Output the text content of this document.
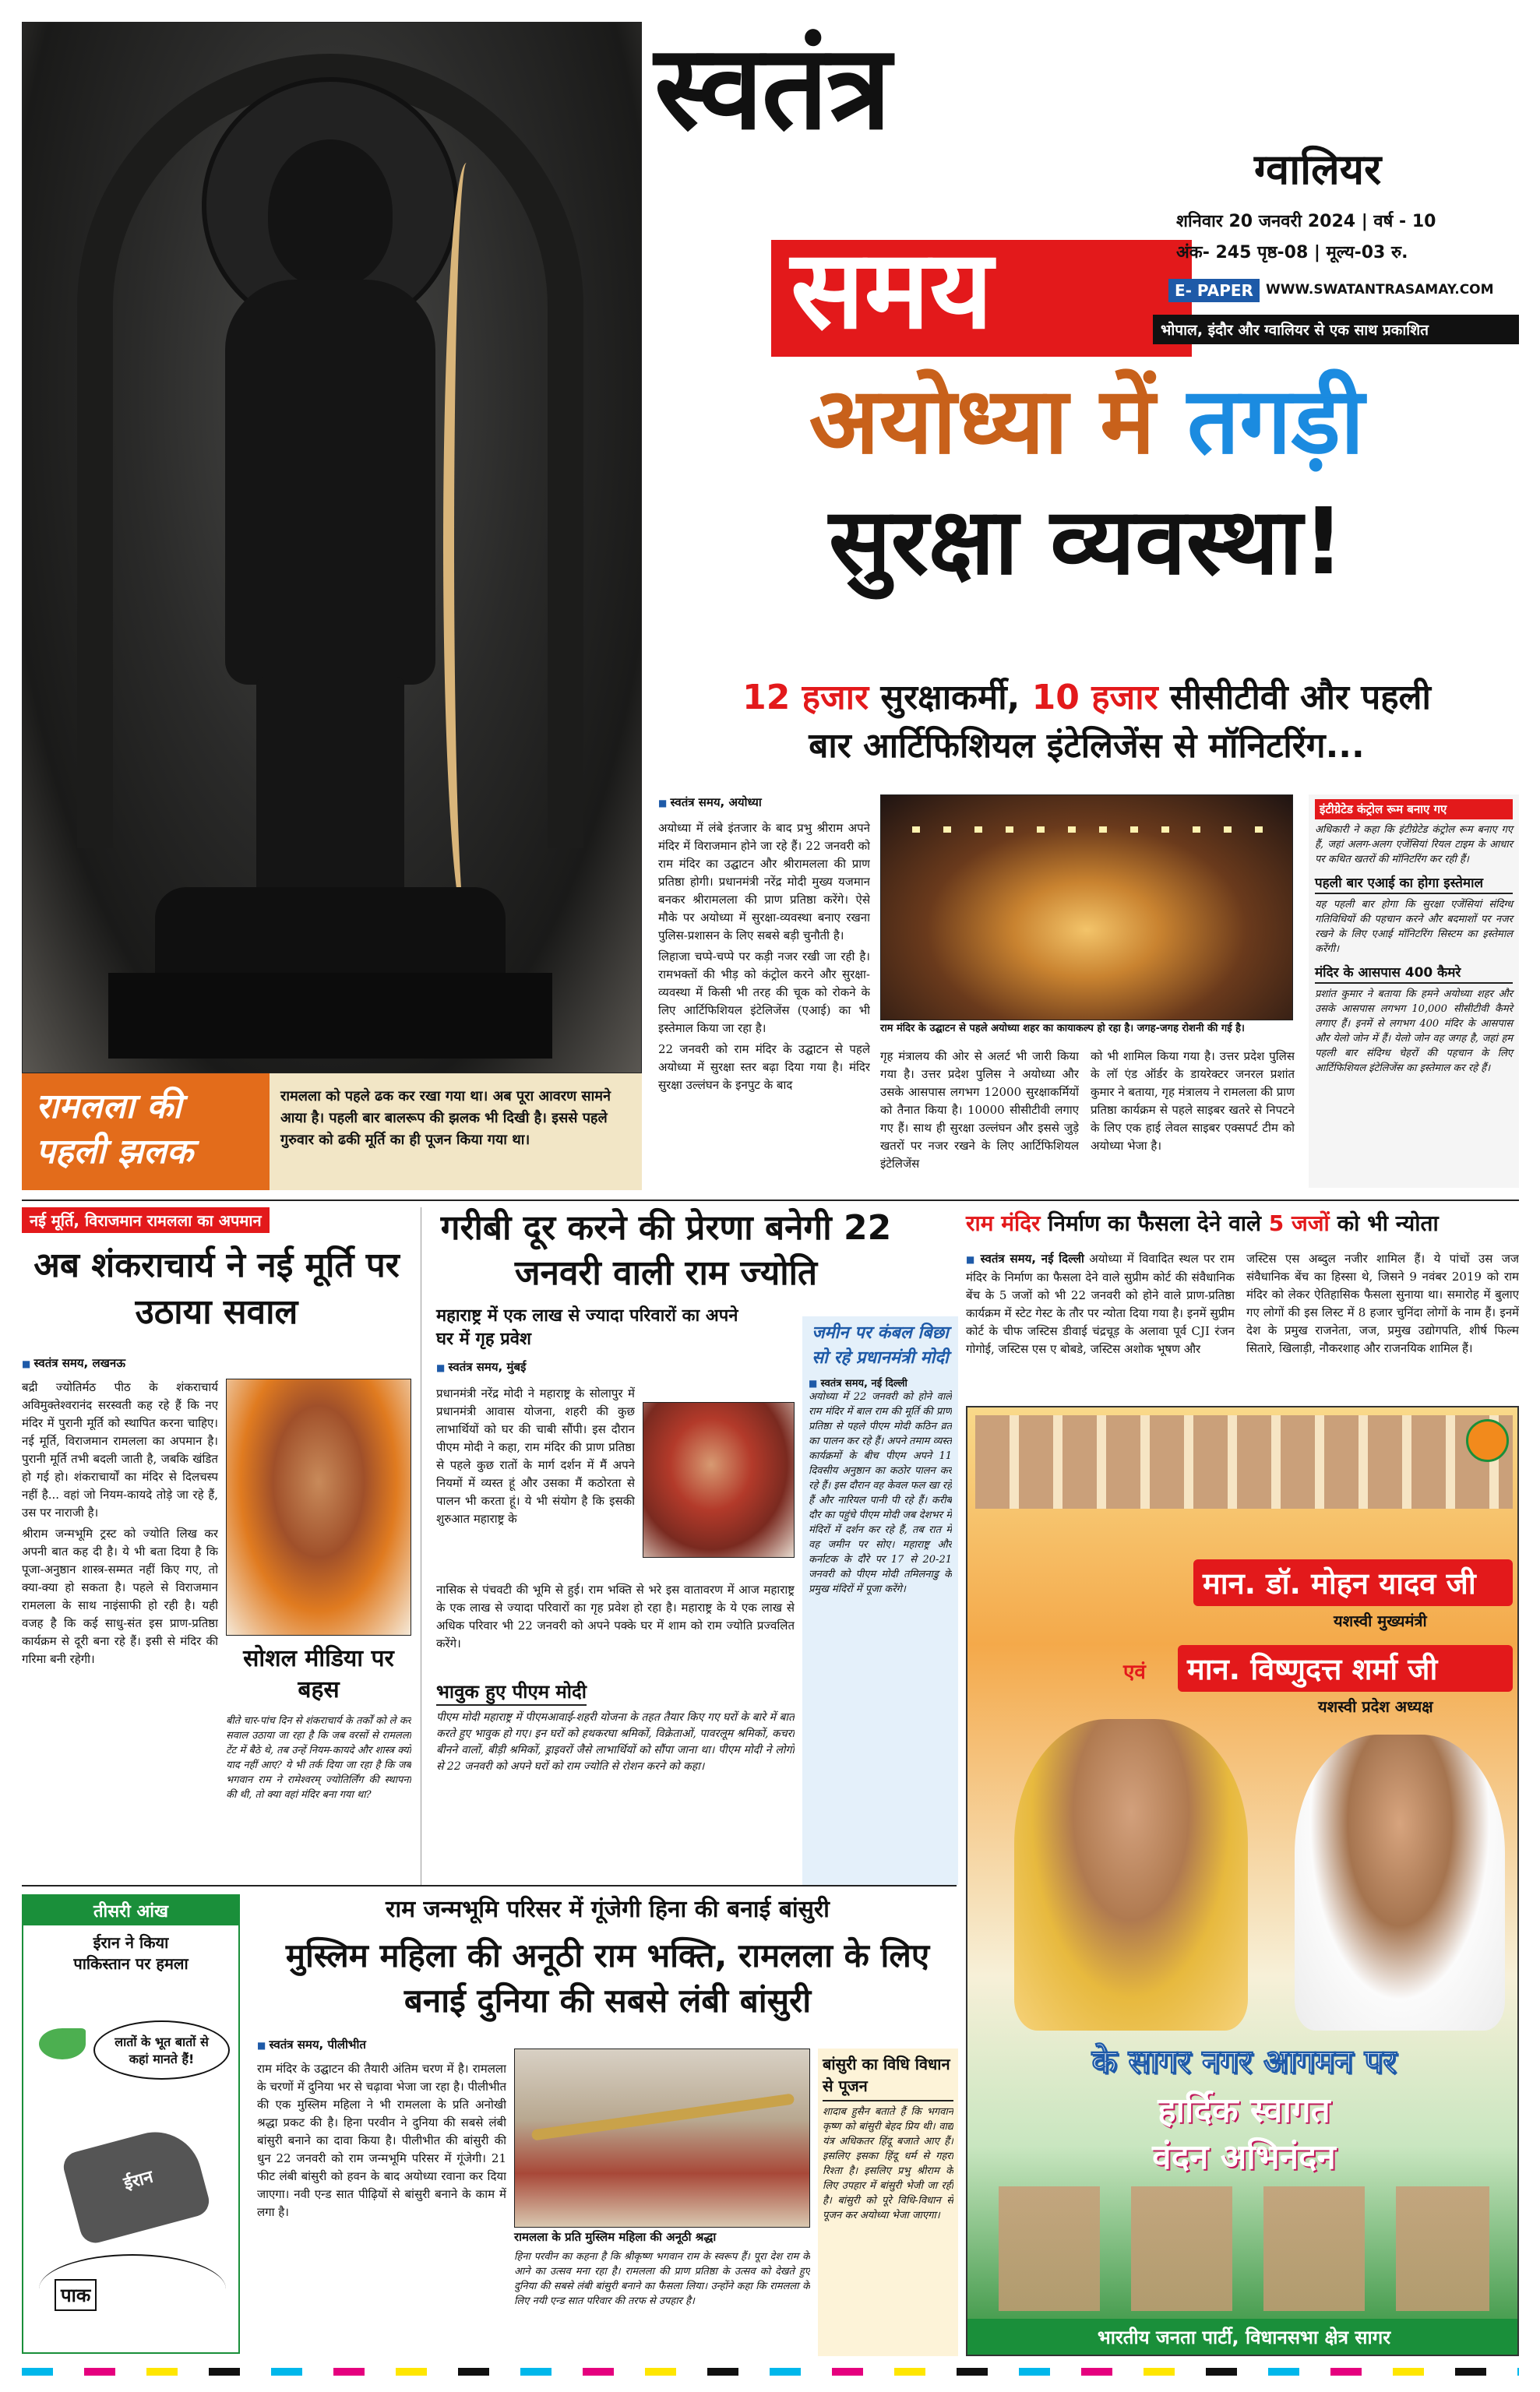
रामलला की पहली झलक
रामलला को पहले ढक कर रखा गया था। अब पूरा आवरण सामने आया है। पहली बार बालरूप की झलक भी दिखी है। इससे पहले गुरुवार को ढकी मूर्ति का ही पूजन किया गया था।
स्वतंत्र
समय
ग्वालियर
शनिवार 20 जनवरी 2024 | वर्ष - 10
अंक- 245 पृष्ठ-08 | मूल्य-03 रु.
E- PAPER WWW.SWATANTRASAMAY.COM
भोपाल, इंदौर और ग्वालियर से एक साथ प्रकाशित
अयोध्या में तगड़ी
सुरक्षा व्यवस्था!
12 हजार सुरक्षाकर्मी, 10 हजार सीसीटीवी और पहली
बार आर्टिफिशियल इंटेलिजेंस से मॉनिटरिंग...
■ स्वतंत्र समय, अयोध्या

अयोध्या में लंबे इंतजार के बाद प्रभु श्रीराम अपने मंदिर में विराजमान होने जा रहे हैं। 22 जनवरी को राम मंदिर का उद्घाटन और श्रीरामलला की प्राण प्रतिष्ठा होगी। प्रधानमंत्री नरेंद्र मोदी मुख्य यजमान बनकर श्रीरामलला की प्राण प्रतिष्ठा करेंगे। ऐसे मौके पर अयोध्या में सुरक्षा-व्यवस्था बनाए रखना पुलिस-प्रशासन के लिए सबसे बड़ी चुनौती है।

लिहाजा चप्पे-चप्पे पर कड़ी नजर रखी जा रही है। रामभक्तों की भीड़ को कंट्रोल करने और सुरक्षा-व्यवस्था में किसी भी तरह की चूक को रोकने के लिए आर्टिफिशियल इंटेलिजेंस (एआई) का भी इस्तेमाल किया जा रहा है।

22 जनवरी को राम मंदिर के उद्घाटन से पहले अयोध्या में सुरक्षा स्तर बढ़ा दिया गया है। मंदिर सुरक्षा उल्लंघन के इनपुट के बाद

राम मंदिर के उद्घाटन से पहले अयोध्या शहर का कायाकल्प हो रहा है। जगह-जगह रोशनी की गई है।
गृह मंत्रालय की ओर से अलर्ट भी जारी किया गया है। उत्तर प्रदेश पुलिस ने अयोध्या और उसके आसपास लगभग 12000 सुरक्षाकर्मियों को तैनात किया है। 10000 सीसीटीवी लगाए गए हैं। साथ ही सुरक्षा उल्लंघन और इससे जुड़े खतरों पर नजर रखने के लिए आर्टिफिशियल इंटेलिजेंस
को भी शामिल किया गया है। उत्तर प्रदेश पुलिस के लॉ एंड ऑर्डर के डायरेक्टर जनरल प्रशांत कुमार ने बताया, गृह मंत्रालय ने रामलला की प्राण प्रतिष्ठा कार्यक्रम से पहले साइबर खतरे से निपटने के लिए एक हाई लेवल साइबर एक्सपर्ट टीम को अयोध्या भेजा है।
इंटीग्रेटेड कंट्रोल रूम बनाए गए
अधिकारी ने कहा कि इंटीग्रेटेड कंट्रोल रूम बनाए गए हैं, जहां अलग-अलग एजेंसियां रियल टाइम के आधार पर कथित खतरों की मॉनिटरिंग कर रही हैं।
पहली बार एआई का होगा इस्तेमाल
यह पहली बार होगा कि सुरक्षा एजेंसियां संदिग्ध गतिविधियों की पहचान करने और बदमाशों पर नजर रखने के लिए एआई मॉनिटरिंग सिस्टम का इस्तेमाल करेंगी।
मंदिर के आसपास 400 कैमरे
प्रशांत कुमार ने बताया कि हमने अयोध्या शहर और उसके आसपास लगभग 10,000 सीसीटीवी कैमरे लगाए हैं। इनमें से लगभग 400 मंदिर के आसपास और येलो जोन में हैं। येलो जोन वह जगह है, जहां हम पहली बार संदिग्ध चेहरों की पहचान के लिए आर्टिफिशियल इंटेलिजेंस का इस्तेमाल कर रहे हैं।
नई मूर्ति, विराजमान रामलला का अपमान
अब शंकराचार्य ने नई मूर्ति पर उठाया सवाल
■ स्वतंत्र समय, लखनऊ

बद्री ज्योतिर्मठ पीठ के शंकराचार्य अविमुक्तेश्वरानंद सरस्वती कह रहे हैं कि नए मंदिर में पुरानी मूर्ति को स्थापित करना चाहिए। नई मूर्ति, विराजमान रामलला का अपमान है। पुरानी मूर्ति तभी बदली जाती है, जबकि खंडित हो गई हो। शंकराचार्यों का मंदिर से दिलचस्प नहीं है... वहां जो नियम-कायदे तोड़े जा रहे हैं, उस पर नाराजी है।

श्रीराम जन्मभूमि ट्रस्ट को ज्योति लिख कर अपनी बात कह दी है। ये भी बता दिया है कि पूजा-अनुष्ठान शास्त्र-सम्मत नहीं किए गए, तो क्या-क्या हो सकता है। पहले से विराजमान रामलला के साथ नाइंसाफी हो रही है। यही वजह है कि कई साधु-संत इस प्राण-प्रतिष्ठा कार्यक्रम से दूरी बना रहे हैं। इसी से मंदिर की गरिमा बनी रहेगी।	सोशल मीडिया पर बहस
बीते चार-पांच दिन से शंकराचार्य के तर्कों को ले कर सवाल उठाया जा रहा है कि जब वरसों से रामलला टेंट में बैठे थे, तब उन्हें नियम-कायदे और शास्त्र क्यों याद नहीं आए? ये भी तर्क दिया जा रहा है कि जब भगवान राम ने रामेश्वरम् ज्योतिर्लिंग की स्थापना की थी, तो क्या वहां मंदिर बना गया था?
गरीबी दूर करने की प्रेरणा बनेगी 22 जनवरी वाली राम ज्योति
महाराष्ट्र में एक लाख से ज्यादा परिवारों का अपने घर में गृह प्रवेश
■ स्वतंत्र समय, मुंबई
प्रधानमंत्री नरेंद्र मोदी ने महाराष्ट्र के सोलापुर में प्रधानमंत्री आवास योजना, शहरी की कुछ लाभार्थियों को घर की चाबी सौंपी। इस दौरान पीएम मोदी ने कहा, राम मंदिर की प्राण प्रतिष्ठा से पहले कुछ रातों के मार्ग दर्शन में मैं अपने नियमों में व्यस्त हूं और उसका मैं कठोरता से पालन भी करता हूं। ये भी संयोग है कि इसकी शुरुआत महाराष्ट्र के
नासिक से पंचवटी की भूमि से हुई। राम भक्ति से भरे इस वातावरण में आज महाराष्ट्र के एक लाख से ज्यादा परिवारों का गृह प्रवेश हो रहा है। महाराष्ट्र के ये एक लाख से अधिक परिवार भी 22 जनवरी को अपने पक्के घर में शाम को राम ज्योति प्रज्वलित करेंगे।
भावुक हुए पीएम मोदी
पीएम मोदी महाराष्ट्र में पीएमआवाई-शहरी योजना के तहत तैयार किए गए घरों के बारे में बात करते हुए भावुक हो गए। इन घरों को हथकरघा श्रमिकों, विक्रेताओं, पावरलूम श्रमिकों, कचरा बीनने वालों, बीड़ी श्रमिकों, ड्राइवरों जैसे लाभार्थियों को सौंपा जाना था। पीएम मोदी ने लोगों से 22 जनवरी को अपने घरों को राम ज्योति से रोशन करने को कहा।
जमीन पर कंबल बिछा सो रहे प्रधानमंत्री मोदी
■ स्वतंत्र समय, नई दिल्ली
अयोध्या में 22 जनवरी को होने वाले राम मंदिर में बाल राम की मूर्ति की प्राण प्रतिष्ठा से पहले पीएम मोदी कठिन व्रत का पालन कर रहे हैं। अपने तमाम व्यस्त कार्यक्रमों के बीच पीएम अपने 11 दिवसीय अनुष्ठान का कठोर पालन कर रहे हैं। इस दौरान वह केवल फल खा रहे हैं और नारियल पानी पी रहे हैं। करीब दौर का पहुंचे पीएम मोदी जब देशभर में मंदिरों में दर्शन कर रहे हैं, तब रात में वह जमीन पर सोए। महाराष्ट्र और कर्नाटक के दौरे पर 17 से 20-21 जनवरी को पीएम मोदी तमिलनाडु के प्रमुख मंदिरों में पूजा करेंगे।
राम मंदिर निर्माण का फैसला देने वाले 5 जजों को भी न्योता
■ स्वतंत्र समय, नई दिल्ली अयोध्या में विवादित स्थल पर राम मंदिर के निर्माण का फैसला देने वाले सुप्रीम कोर्ट की संवैधानिक बेंच के 5 जजों को भी 22 जनवरी को होने वाले प्राण-प्रतिष्ठा कार्यक्रम में स्टेट गेस्ट के तौर पर न्योता दिया गया है। इनमें सुप्रीम कोर्ट के चीफ जस्टिस डीवाई चंद्रचूड़ के अलावा पूर्व CJI रंजन गोगोई, जस्टिस एस ए बोबडे, जस्टिस अशोक भूषण और
जस्टिस एस अब्दुल नजीर शामिल हैं। ये पांचों उस जज संवैधानिक बेंच का हिस्सा थे, जिसने 9 नवंबर 2019 को राम मंदिर को लेकर ऐतिहासिक फैसला सुनाया था। समारोह में बुलाए गए लोगों की इस लिस्ट में 8 हजार चुनिंदा लोगों के नाम हैं। इनमें देश के प्रमुख राजनेता, जज, प्रमुख उद्योगपति, शीर्ष फिल्म सितारे, खिलाड़ी, नौकरशाह और राजनयिक शामिल हैं।
मान. डॉ. मोहन यादव जी
यशस्वी मुख्यमंत्री
एवं	मान. विष्णुदत्त शर्मा जी
यशस्वी प्रदेश अध्यक्ष
के सागर नगर आगमन पर
हार्दिक स्वागत
वंदन अभिनंदन
भारतीय जनता पार्टी, विधानसभा क्षेत्र सागर
तीसरी आंख
ईरान ने किया
पाकिस्तान पर हमला
लातों के भूत बातों से कहां मानते हैं!
ईरान
पाक
राम जन्मभूमि परिसर में गूंजेगी हिना की बनाई बांसुरी
मुस्लिम महिला की अनूठी राम भक्ति, रामलला के लिए बनाई दुनिया की सबसे लंबी बांसुरी
■ स्वतंत्र समय, पीलीभीत
राम मंदिर के उद्घाटन की तैयारी अंतिम चरण में है। रामलला के चरणों में दुनिया भर से चढ़ावा भेजा जा रहा है। पीलीभीत की एक मुस्लिम महिला ने भी रामलला के प्रति अनोखी श्रद्धा प्रकट की है। हिना परवीन ने दुनिया की सबसे लंबी बांसुरी बनाने का दावा किया है। पीलीभीत की बांसुरी की धुन 22 जनवरी को राम जन्मभूमि परिसर में गूंजेगी। 21 फीट लंबी बांसुरी को हवन के बाद अयोध्या रवाना कर दिया जाएगा। नवी एन्ड सात पीढ़ियों से बांसुरी बनाने के काम में लगा है।
रामलला के प्रति मुस्लिम महिला की अनूठी श्रद्धा
हिना परवीन का कहना है कि श्रीकृष्ण भगवान राम के स्वरूप हैं। पूरा देश राम के आने का उत्सव मना रहा है। रामलला की प्राण प्रतिष्ठा के उत्सव को देखते हुए दुनिया की सबसे लंबी बांसुरी बनाने का फैसला लिया। उन्होंने कहा कि रामलला के लिए नयी एन्ड सात परिवार की तरफ से उपहार है।
बांसुरी का विधि विधान से पूजन
शादाब हुसैन बताते हैं कि भगवान कृष्ण को बांसुरी बेहद प्रिय थी। वाद्य यंत्र अधिकतर हिंदू बजाते आए हैं। इसलिए इसका हिंदू धर्म से गहरा रिश्ता है। इसलिए प्रभु श्रीराम के लिए उपहार में बांसुरी भेजी जा रही है। बांसुरी को पूरे विधि-विधान से पूजन कर अयोध्या भेजा जाएगा।
